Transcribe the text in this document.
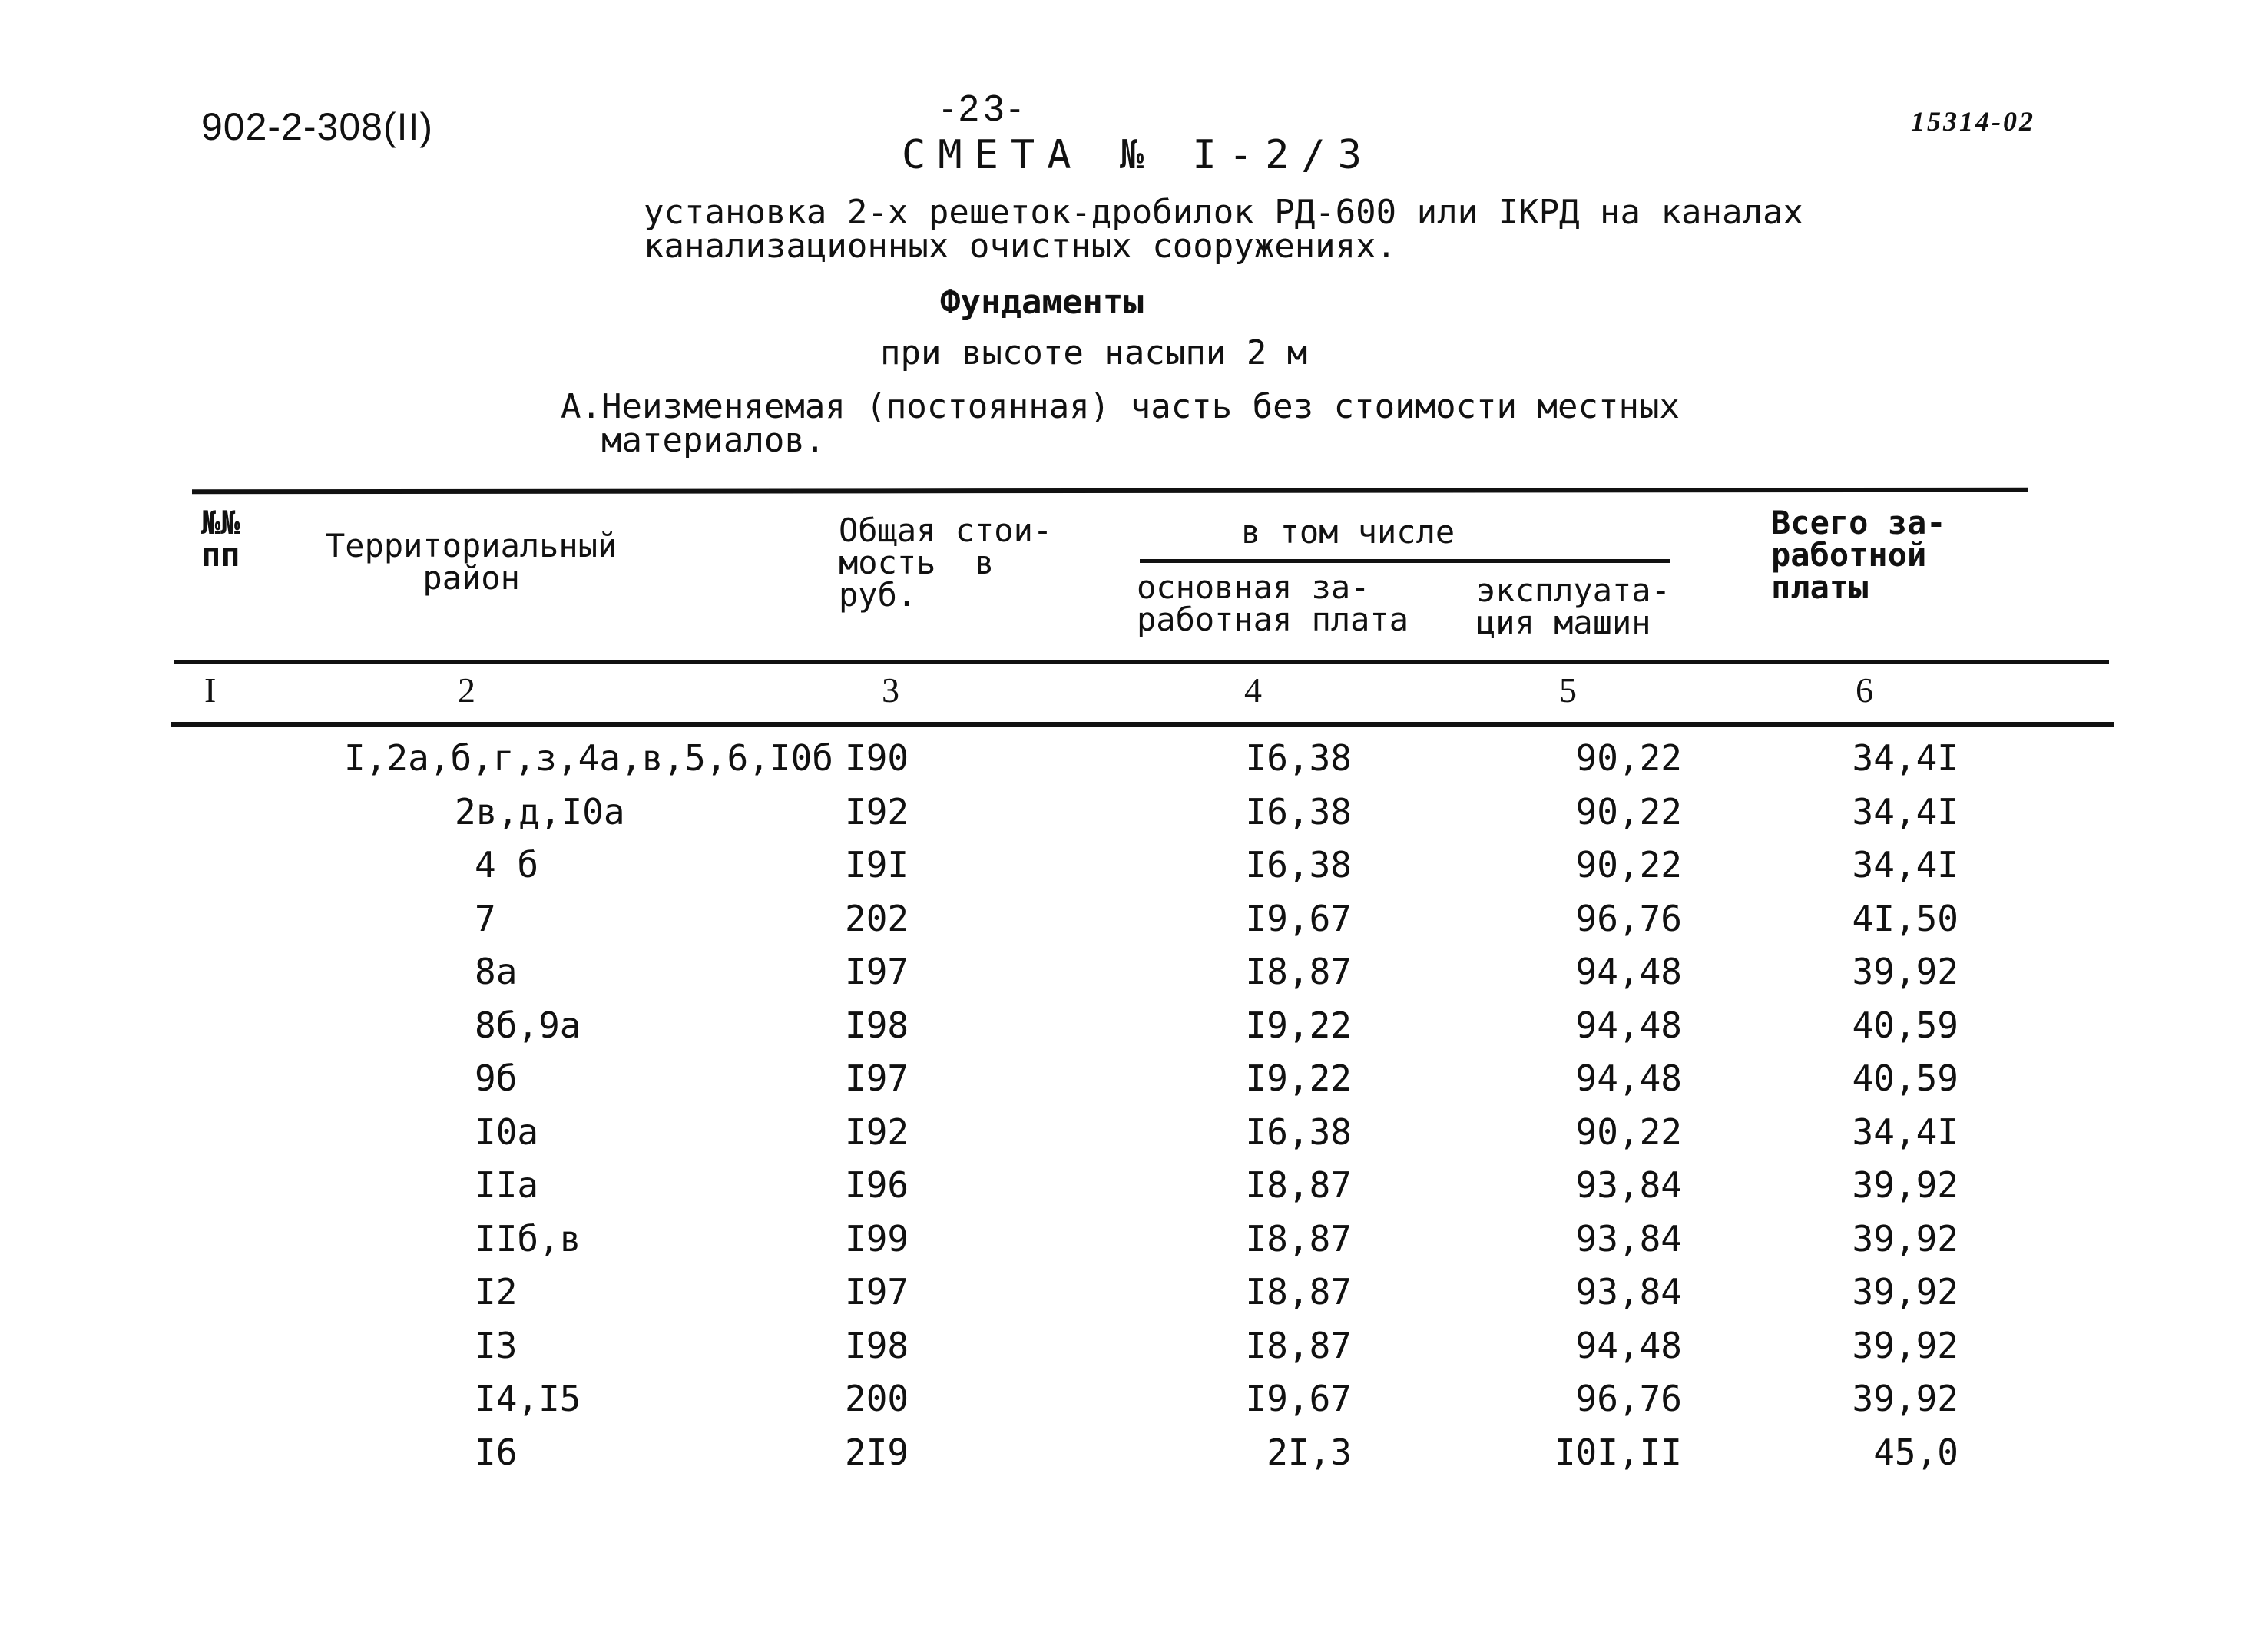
902-2-308(II)	-23-	15314-02
СМЕТА № I-2/3
установка 2-х решеток-дробилок РД-600 или IКРД на каналах
канализационных очистных сооружениях.
Фундаменты
при высоте насыпи 2 м
А.Неизменяемая (постоянная) часть без стоимости местных
материалов.
№№
пп	Территориальный
район
Общая стои-
мость  в
руб.
в том числе
основная за-
работная плата
эксплуата-
ция машин
Всего за-
работной
платы
I	2	3	4	5	6
I,2а,б,г,з,4а,в,5,6,I0б I90	I6,38	90,22	34,4I
2в,д,I0а	I92	I6,38	90,22	34,4I
4 б	I9I	I6,38	90,22	34,4I
7	202	I9,67	96,76	4I,50
8а	I97	I8,87	94,48	39,92
8б,9а	I98	I9,22	94,48	40,59
9б	I97	I9,22	94,48	40,59
I0а	I92	I6,38	90,22	34,4I
IIа	I96	I8,87	93,84	39,92
IIб,в	I99	I8,87	93,84	39,92
I2	I97	I8,87	93,84	39,92
I3	I98	I8,87	94,48	39,92
I4,I5	200	I9,67	96,76	39,92
I6	2I9	2I,3	I0I,II	45,0
